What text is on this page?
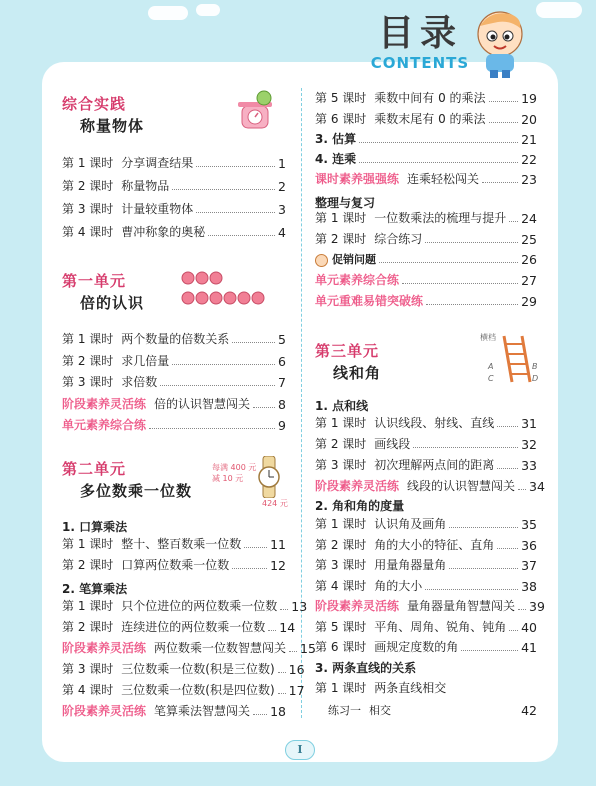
目录
CONTENTS
综合实践
称量物体
第 1 课时 分享调查结果	1
第 2 课时 称量物品	2
第 3 课时 计量较重物体	3
第 4 课时 曹冲称象的奥秘	4
第一单元
倍的认识
第 1 课时 两个数量的倍数关系	5
第 2 课时 求几倍量	6
第 3 课时 求倍数	7
阶段素养灵活练 倍的认识智慧闯关 8
单元素养综合练	9
第二单元
多位数乘一位数
每满 400 元
减 10 元
424 元
1. 口算乘法
第 1 课时 整十、整百数乘一位数 11
第 2 课时 口算两位数乘一位数	12
2. 笔算乘法
第 1 课时 只个位进位的两位数乘一位数 13
第 2 课时 连续进位的两位数乘一位数 14
阶段素养灵活练 两位数乘一位数智慧闯关 15
第 3 课时 三位数乘一位数(积是三位数) 16
第 4 课时 三位数乘一位数(积是四位数) 17
阶段素养灵活练 笔算乘法智慧闯关 18
第 5 课时 乘数中间有 0 的乘法	19
第 6 课时 乘数末尾有 0 的乘法	20
3. 估算	21
4. 连乘	22
课时素养强强练 连乘轻松闯关	23
整理与复习
第 1 课时 一位数乘法的梳理与提升 24
第 2 课时 综合练习	25
促销问题	26
单元素养综合练	27
单元重难易错突破练	29
第三单元
线和角
横档
A	B
C	D
1. 点和线
第 1 课时 认识线段、射线、直线 31
第 2 课时 画线段	32
第 3 课时 初次理解两点间的距离 33
阶段素养灵活练 线段的认识智慧闯关 34
2. 角和角的度量
第 1 课时 认识角及画角	35
第 2 课时 角的大小的特征、直角 36
第 3 课时 用量角器量角	37
第 4 课时 角的大小	38
阶段素养灵活练 量角器量角智慧闯关 39
第 5 课时 平角、周角、锐角、钝角 40
第 6 课时 画规定度数的角	41
3. 两条直线的关系
第 1 课时 两条直线相交
练习一 相交	42
I
